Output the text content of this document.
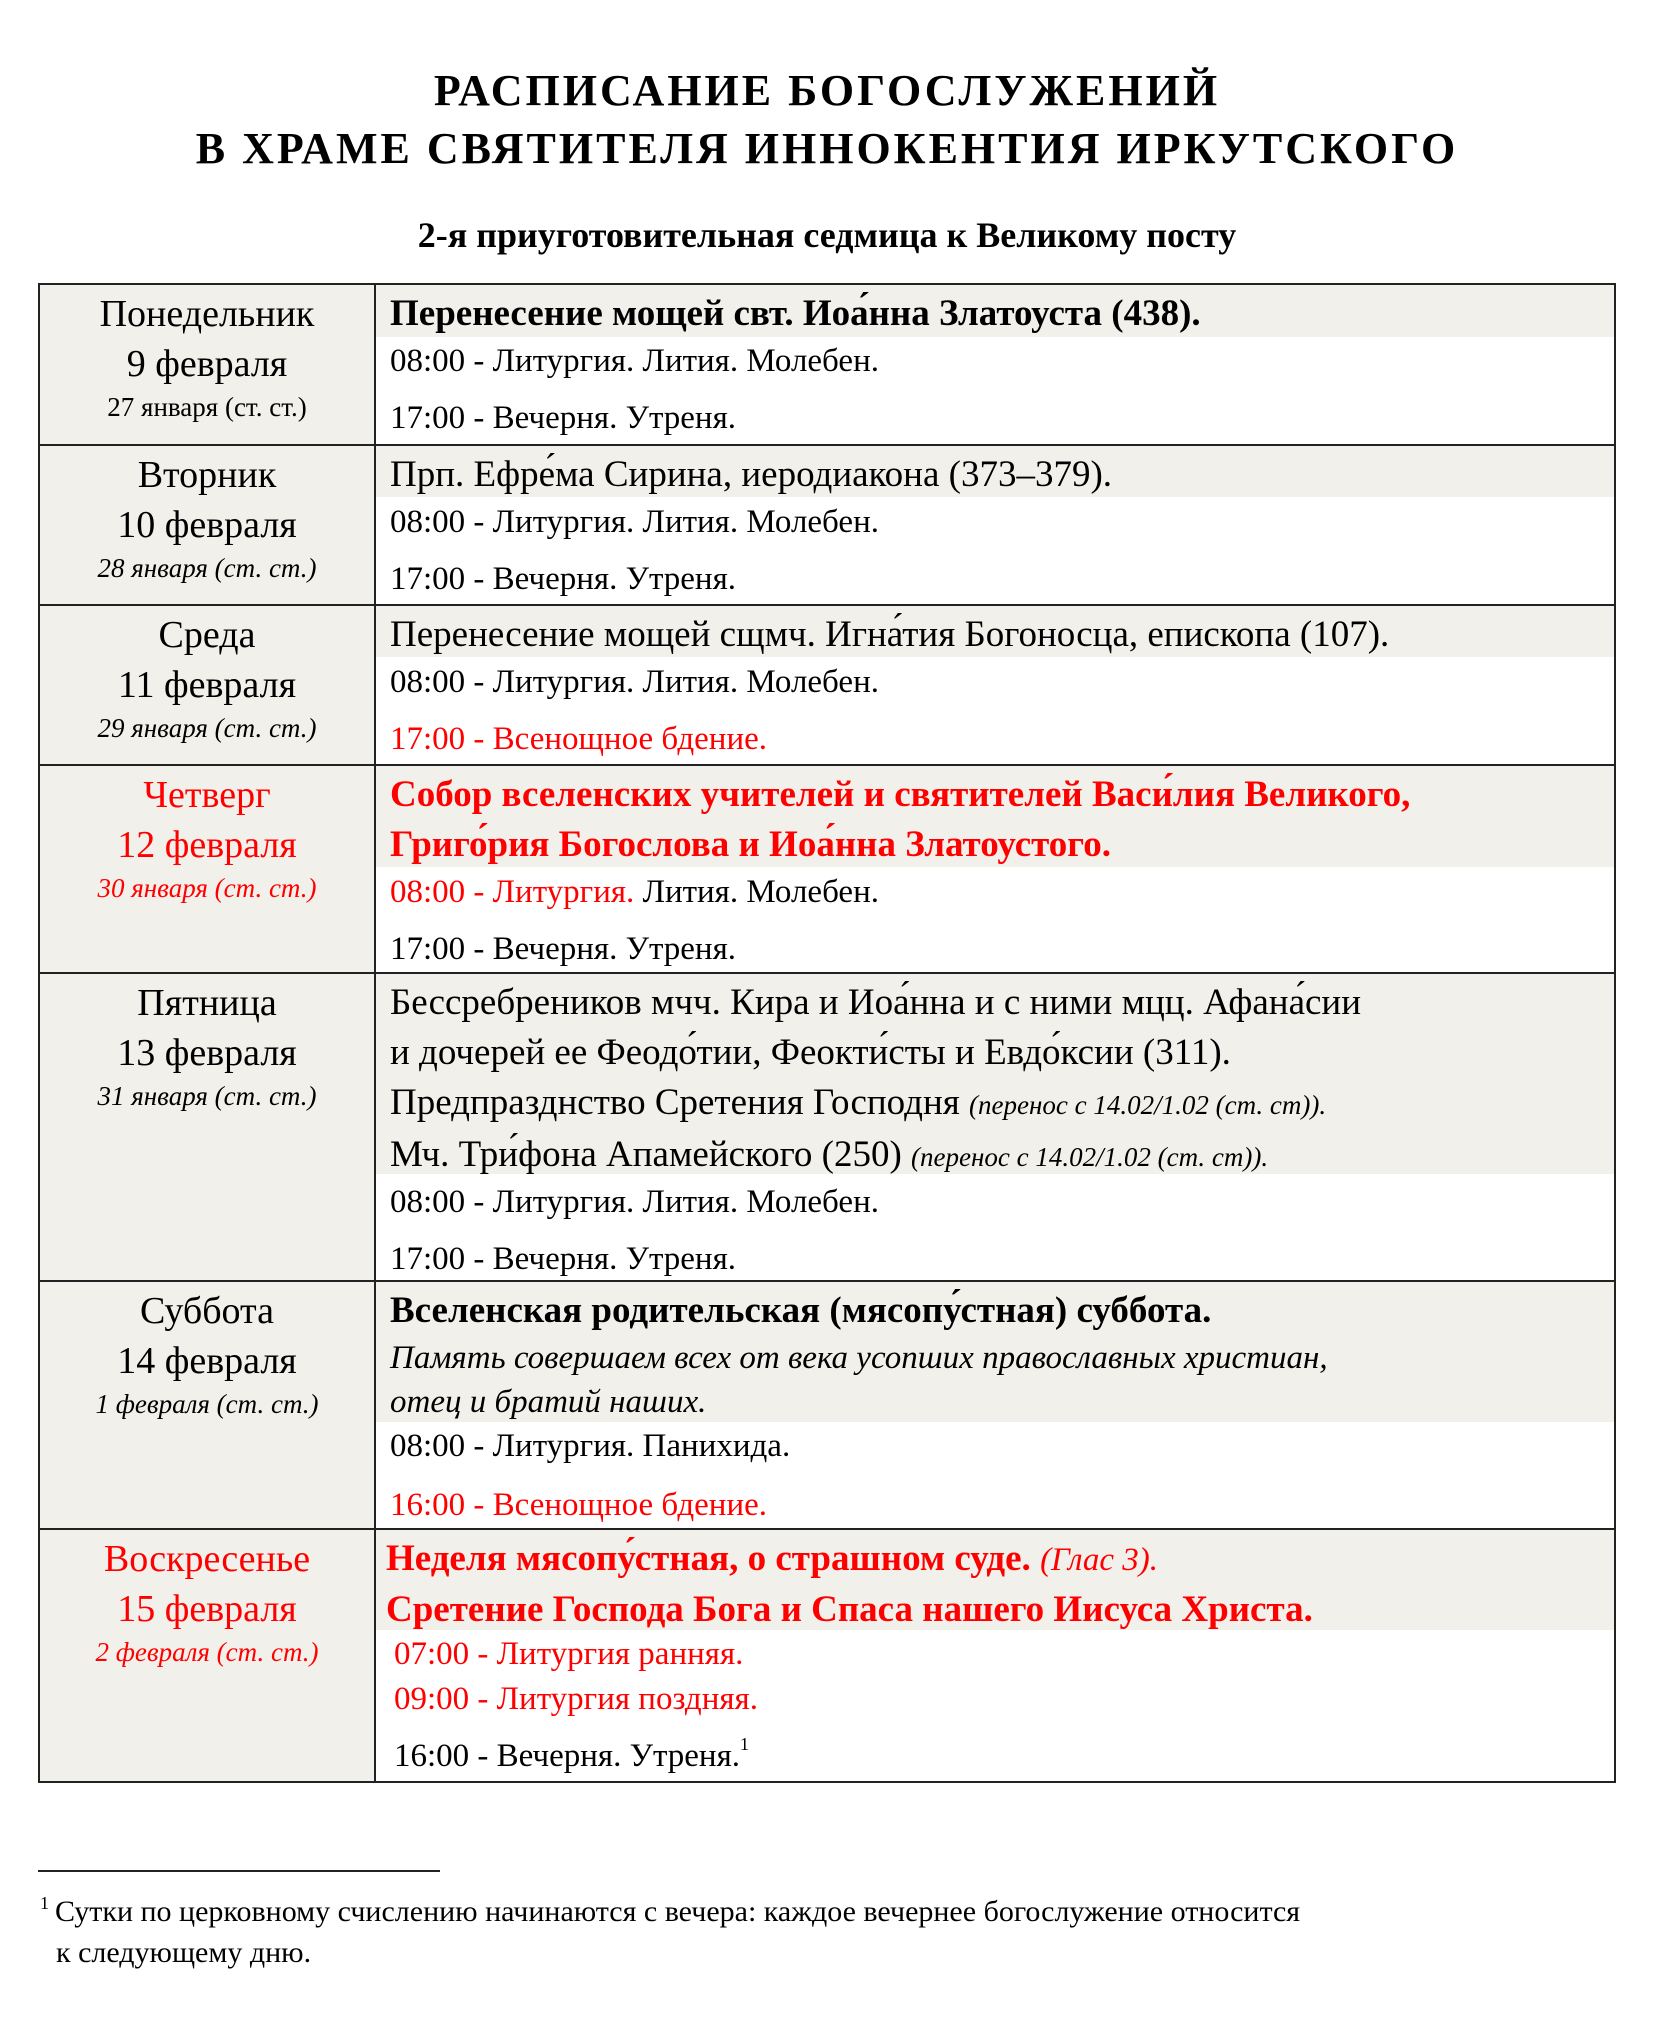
РАСПИСАНИЕ БОГОСЛУЖЕНИЙ
В ХРАМЕ СВЯТИТЕЛЯ ИННОКЕНТИЯ ИРКУТСКОГО
2-я приуготовительная седмица к Великому посту
Понедельник
9 февраля
27 января (ст. ст.)
Перенесение мощей свт. Иоа́нна Златоуста (438).
08:00 - Литургия. Лития. Молебен.
17:00 - Вечерня. Утреня.
Вторник
10 февраля
28 января (ст. ст.)
Прп. Ефре́ма Сирина, иеродиакона (373–379).
08:00 - Литургия. Лития. Молебен.
17:00 - Вечерня. Утреня.
Среда
11 февраля
29 января (ст. ст.)
Перенесение мощей сщмч. Игна́тия Богоносца, епископа (107).
08:00 - Литургия. Лития. Молебен.
17:00 - Всенощное бдение.
Четверг
12 февраля
30 января (ст. ст.)
Собор вселенских учителей и святителей Васи́лия Великого,
Григо́рия Богослова и Иоа́нна Златоустого.
08:00 - Литургия. Лития. Молебен.
17:00 - Вечерня. Утреня.
Пятница
13 февраля
31 января (ст. ст.)
Бессребреников мчч. Кира и Иоа́нна и с ними мцц. Афана́сии
и дочерей ее Феодо́тии, Феокти́сты и Евдо́ксии (311).
Предпразднство Сретения Господня (перенос с 14.02/1.02 (ст. ст)).
Мч. Три́фона Апамейского (250) (перенос с 14.02/1.02 (ст. ст)).
08:00 - Литургия. Лития. Молебен.
17:00 - Вечерня. Утреня.
Суббота
14 февраля
1 февраля (ст. ст.)
Вселенская родительская (мясопу́стная) суббота.
Память совершаем всех от века усопших православных христиан,
отец и братий наших.
08:00 - Литургия. Панихида.
16:00 - Всенощное бдение.
Воскресенье
15 февраля
2 февраля (ст. ст.)
Неделя мясопу́стная, о страшном суде. (Глас 3).
Сретение Господа Бога и Спаса нашего Иисуса Христа.
07:00 - Литургия ранняя.
09:00 - Литургия поздняя.
16:00 - Вечерня. Утреня.$^1$
$^1$ Сутки по церковному счислению начинаются с вечера: каждое вечернее богослужение относится
к следующему дню.
